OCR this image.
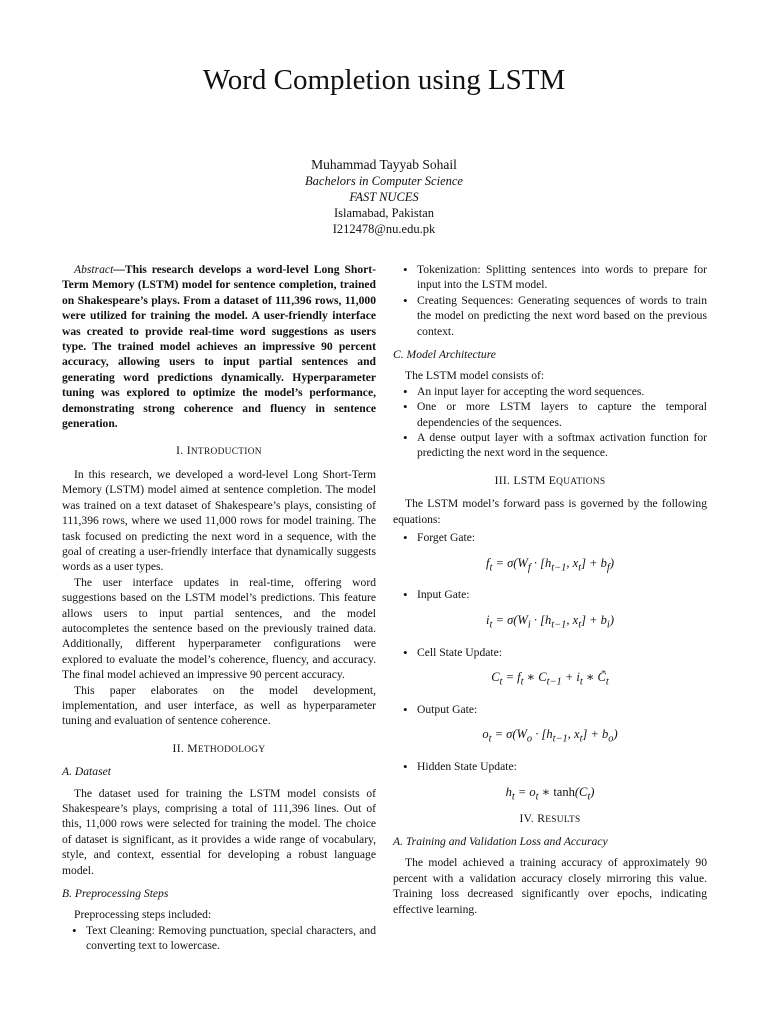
Word Completion using LSTM
Muhammad Tayyab Sohail
Bachelors in Computer Science
FAST NUCES
Islamabad, Pakistan
I212478@nu.edu.pk

Abstract—This research develops a word-level Long Short-Term Memory (LSTM) model for sentence completion, trained on Shakespeare’s plays. From a dataset of 111,396 rows, 11,000 were utilized for training the model. A user-friendly interface was created to provide real-time word suggestions as users type. The trained model achieves an impressive 90 percent accuracy, allowing users to input partial sentences and generating word predictions dynamically. Hyperparameter tuning was explored to optimize the model’s performance, demonstrating strong coherence and fluency in sentence generation.

I. INTRODUCTION

In this research, we developed a word-level Long Short-Term Memory (LSTM) model aimed at sentence completion. The model was trained on a text dataset of Shakespeare’s plays, consisting of 111,396 rows, where we used 11,000 rows for model training. The task focused on predicting the next word in a sequence, with the goal of creating a user-friendly interface that dynamically suggests words as a user types.

The user interface updates in real-time, offering word suggestions based on the LSTM model’s predictions. This feature allows users to input partial sentences, and the model autocompletes the sentence based on the previously trained data. Additionally, different hyperparameter configurations were explored to evaluate the model’s coherence, fluency, and accuracy. The final model achieved an impressive 90 percent accuracy.

This paper elaborates on the model development, implementation, and user interface, as well as hyperparameter tuning and evaluation of sentence coherence.

II. METHODOLOGY
A. Dataset

The dataset used for training the LSTM model consists of Shakespeare’s plays, comprising a total of 111,396 lines. Out of this, 11,000 rows were selected for training the model. The choice of dataset is significant, as it provides a wide range of vocabulary, style, and context, essential for developing a robust language model.

B. Preprocessing Steps

Preprocessing steps included:

• Text Cleaning: Removing punctuation, special characters, and converting text to lowercase.
• Tokenization: Splitting sentences into words to prepare for input into the LSTM model.
• Creating Sequences: Generating sequences of words to train the model on predicting the next word based on the previous context.
C. Model Architecture

The LSTM model consists of:

• An input layer for accepting the word sequences.
• One or more LSTM layers to capture the temporal dependencies of the sequences.
• A dense output layer with a softmax activation function for predicting the next word in the sequence.
III. LSTM EQUATIONS

The LSTM model’s forward pass is governed by the following equations:

• Forget Gate:
$f_t = \sigma(W_f \cdot [h_{t-1}$, $x_t] + b_f$)
• Input Gate:
$i_t = \sigma(W_i \cdot [h_{t-1}$, $x_t] + b_i$)
• Cell State Update:
$C_t = f_t$ ∗ $C_{t-1} + i_t$ ∗ $C̃_t$
• Output Gate:
$o_t = \sigma(W_o \cdot [h_{t-1}$, $x_t] + b_o$)
• Hidden State Update:
$h_t = o_t$ ∗ $\tanh(C_t)$
IV. RESULTS
A. Training and Validation Loss and Accuracy

The model achieved a training accuracy of approximately 90 percent with a validation accuracy closely mirroring this value. Training loss decreased significantly over epochs, indicating effective learning.
